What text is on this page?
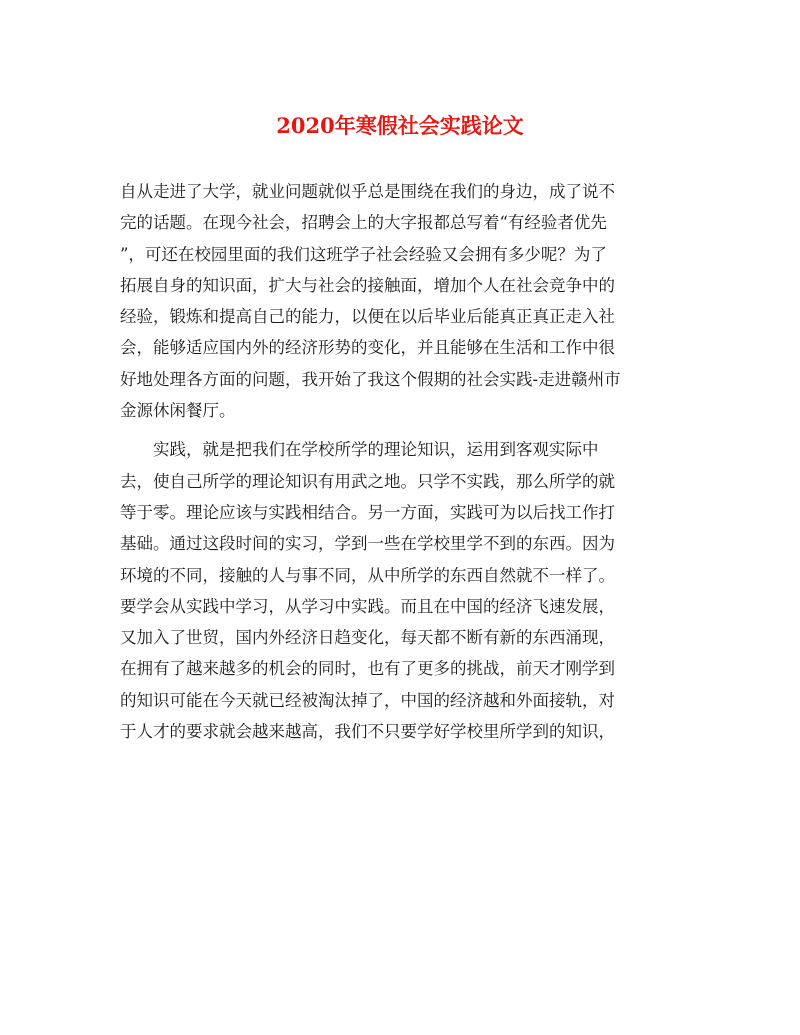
2020年寒假社会实践论文
自从走进了大学，就业问题就似乎总是围绕在我们的身边，成了说不
完的话题。在现今社会，招聘会上的大字报都总写着“有经验者优先
”，可还在校园里面的我们这班学子社会经验又会拥有多少呢？为了
拓展自身的知识面，扩大与社会的接触面，增加个人在社会竞争中的
经验，锻炼和提高自己的能力，以便在以后毕业后能真正真正走入社
会，能够适应国内外的经济形势的变化，并且能够在生活和工作中很
好地处理各方面的问题，我开始了我这个假期的社会实践-走进赣州市
金源休闲餐厅。
　　实践，就是把我们在学校所学的理论知识，运用到客观实际中
去，使自己所学的理论知识有用武之地。只学不实践，那么所学的就
等于零。理论应该与实践相结合。另一方面，实践可为以后找工作打
基础。通过这段时间的实习，学到一些在学校里学不到的东西。因为
环境的不同，接触的人与事不同，从中所学的东西自然就不一样了。
要学会从实践中学习，从学习中实践。而且在中国的经济飞速发展，
又加入了世贸，国内外经济日趋变化，每天都不断有新的东西涌现，
在拥有了越来越多的机会的同时，也有了更多的挑战，前天才刚学到
的知识可能在今天就已经被淘汰掉了，中国的经济越和外面接轨，对
于人才的要求就会越来越高，我们不只要学好学校里所学到的知识，
